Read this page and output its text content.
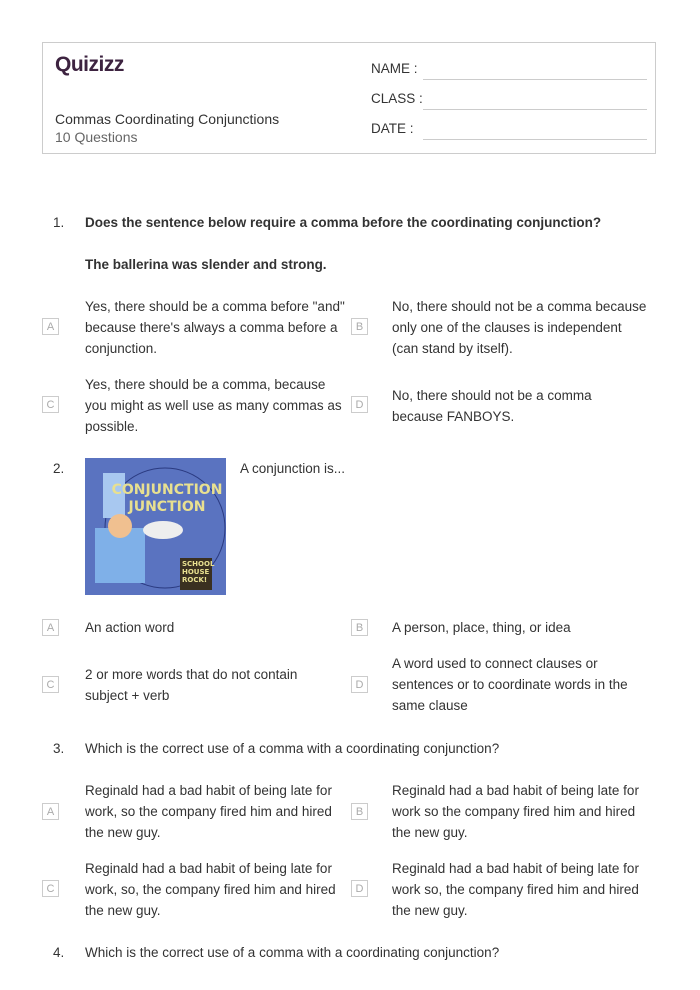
Quizizz
Commas Coordinating Conjunctions
10 Questions
NAME :
CLASS :
DATE :
1. Does the sentence below require a comma before the coordinating conjunction?
The ballerina was slender and strong.
A
Yes, there should be a comma before "and" because there's always a comma before a conjunction.
B
No, there should not be a comma because only one of the clauses is independent (can stand by itself).
C
Yes, there should be a comma, because you might as well use as many commas as possible.
D
No, there should not be a comma because FANBOYS.
2.
CONJUNCTION JUNCTION
SCHOOL HOUSE ROCK!
A conjunction is...
A	An action word	B	A person, place, thing, or idea
C
2 or more words that do not contain subject + verb
D
A word used to connect clauses or sentences or to coordinate words in the same clause
3. Which is the correct use of a comma with a coordinating conjunction?
A
Reginald had a bad habit of being late for work, so the company fired him and hired the new guy.
B
Reginald had a bad habit of being late for work so the company fired him and hired the new guy.
C
Reginald had a bad habit of being late for work, so, the company fired him and hired the new guy.
D
Reginald had a bad habit of being late for work so, the company fired him and hired the new guy.
4. Which is the correct use of a comma with a coordinating conjunction?
